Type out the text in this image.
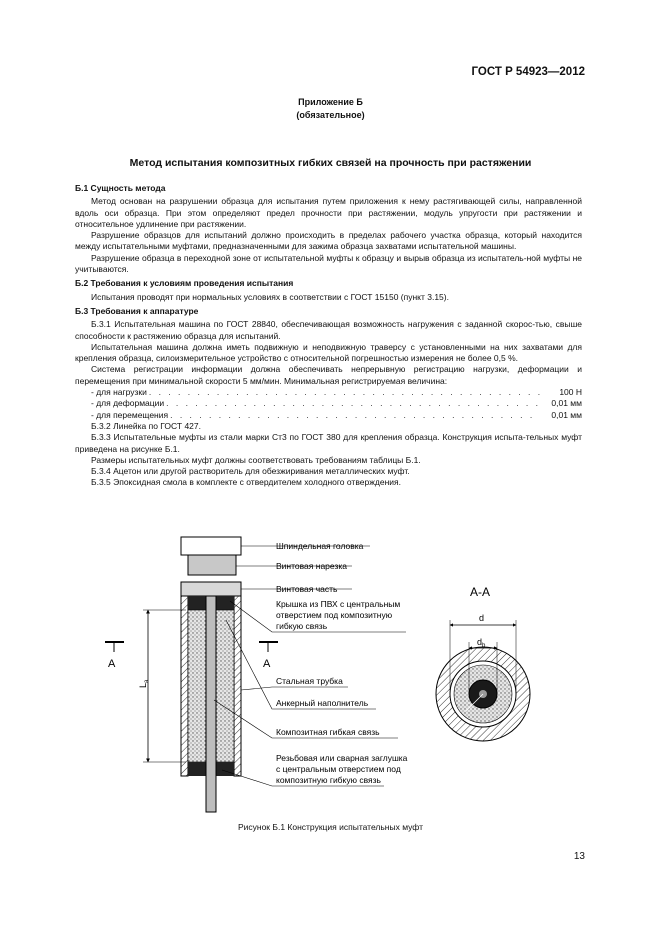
ГОСТ Р 54923—2012
Приложение Б
(обязательное)
Метод испытания композитных гибких связей на прочность при растяжении

Б.1 Сущность метода

Метод основан на разрушении образца для испытания путем приложения к нему растягивающей силы, направленной вдоль оси образца. При этом определяют предел прочности при растяжении, модуль упругости при растяжении и относительное удлинение при растяжении.

Разрушение образцов для испытаний должно происходить в пределах рабочего участка образца, который находится между испытательными муфтами, предназначенными для зажима образца захватами испытательной машины.

Разрушение образца в переходной зоне от испытательной муфты к образцу и вырыв образца из испытатель-ной муфты не учитываются.

Б.2 Требования к условиям проведения испытания

Испытания проводят при нормальных условиях в соответствии с ГОСТ 15150 (пункт 3.15).

Б.3 Требования к аппаратуре

Б.3.1 Испытательная машина по ГОСТ 28840, обеспечивающая возможность нагружения с заданной скорос-тью, свыше способности к растяжению образца для испытаний.

Испытательная машина должна иметь подвижную и неподвижную траверсу с установленными на них захватами для крепления образца, силоизмерительное устройство с относительной погрешностью измерения не более 0,5 %.

Система регистрации информации должна обеспечивать непрерывную регистрацию нагрузки, деформации и перемещения при минимальной скорости 5 мм/мин. Минимальная регистрируемая величина:

- для нагрузки . . .	100 Н
- для деформации . . .	0,01 мм
- для перемещения . . .	0,01 мм

Б.3.2 Линейка по ГОСТ 427.

Б.3.3 Испытательные муфты из стали марки Ст3 по ГОСТ 380 для крепления образца. Конструкция испыта-тельных муфт приведена на рисунке Б.1.

Размеры испытательных муфт должны соответствовать требованиям таблицы Б.1.

Б.3.4 Ацетон или другой растворитель для обезжиривания металлических муфт.

Б.3.5 Эпоксидная смола в комплекте с отвердителем холодного отверждения.

А	А
$L_a$
Шпиндельная головка
Винтовая нарезка
Винтовая часть
Крышка из ПВХ с центральным
отверстием под композитную
гибкую связь
Стальная трубка
Анкерный наполнитель
Композитная гибкая связь
Резьбовая или сварная заглушка
с центральным отверстием под
композитную гибкую связь
А-А
d
$d_b$
Рисунок Б.1 Конструкция испытательных муфт
13
